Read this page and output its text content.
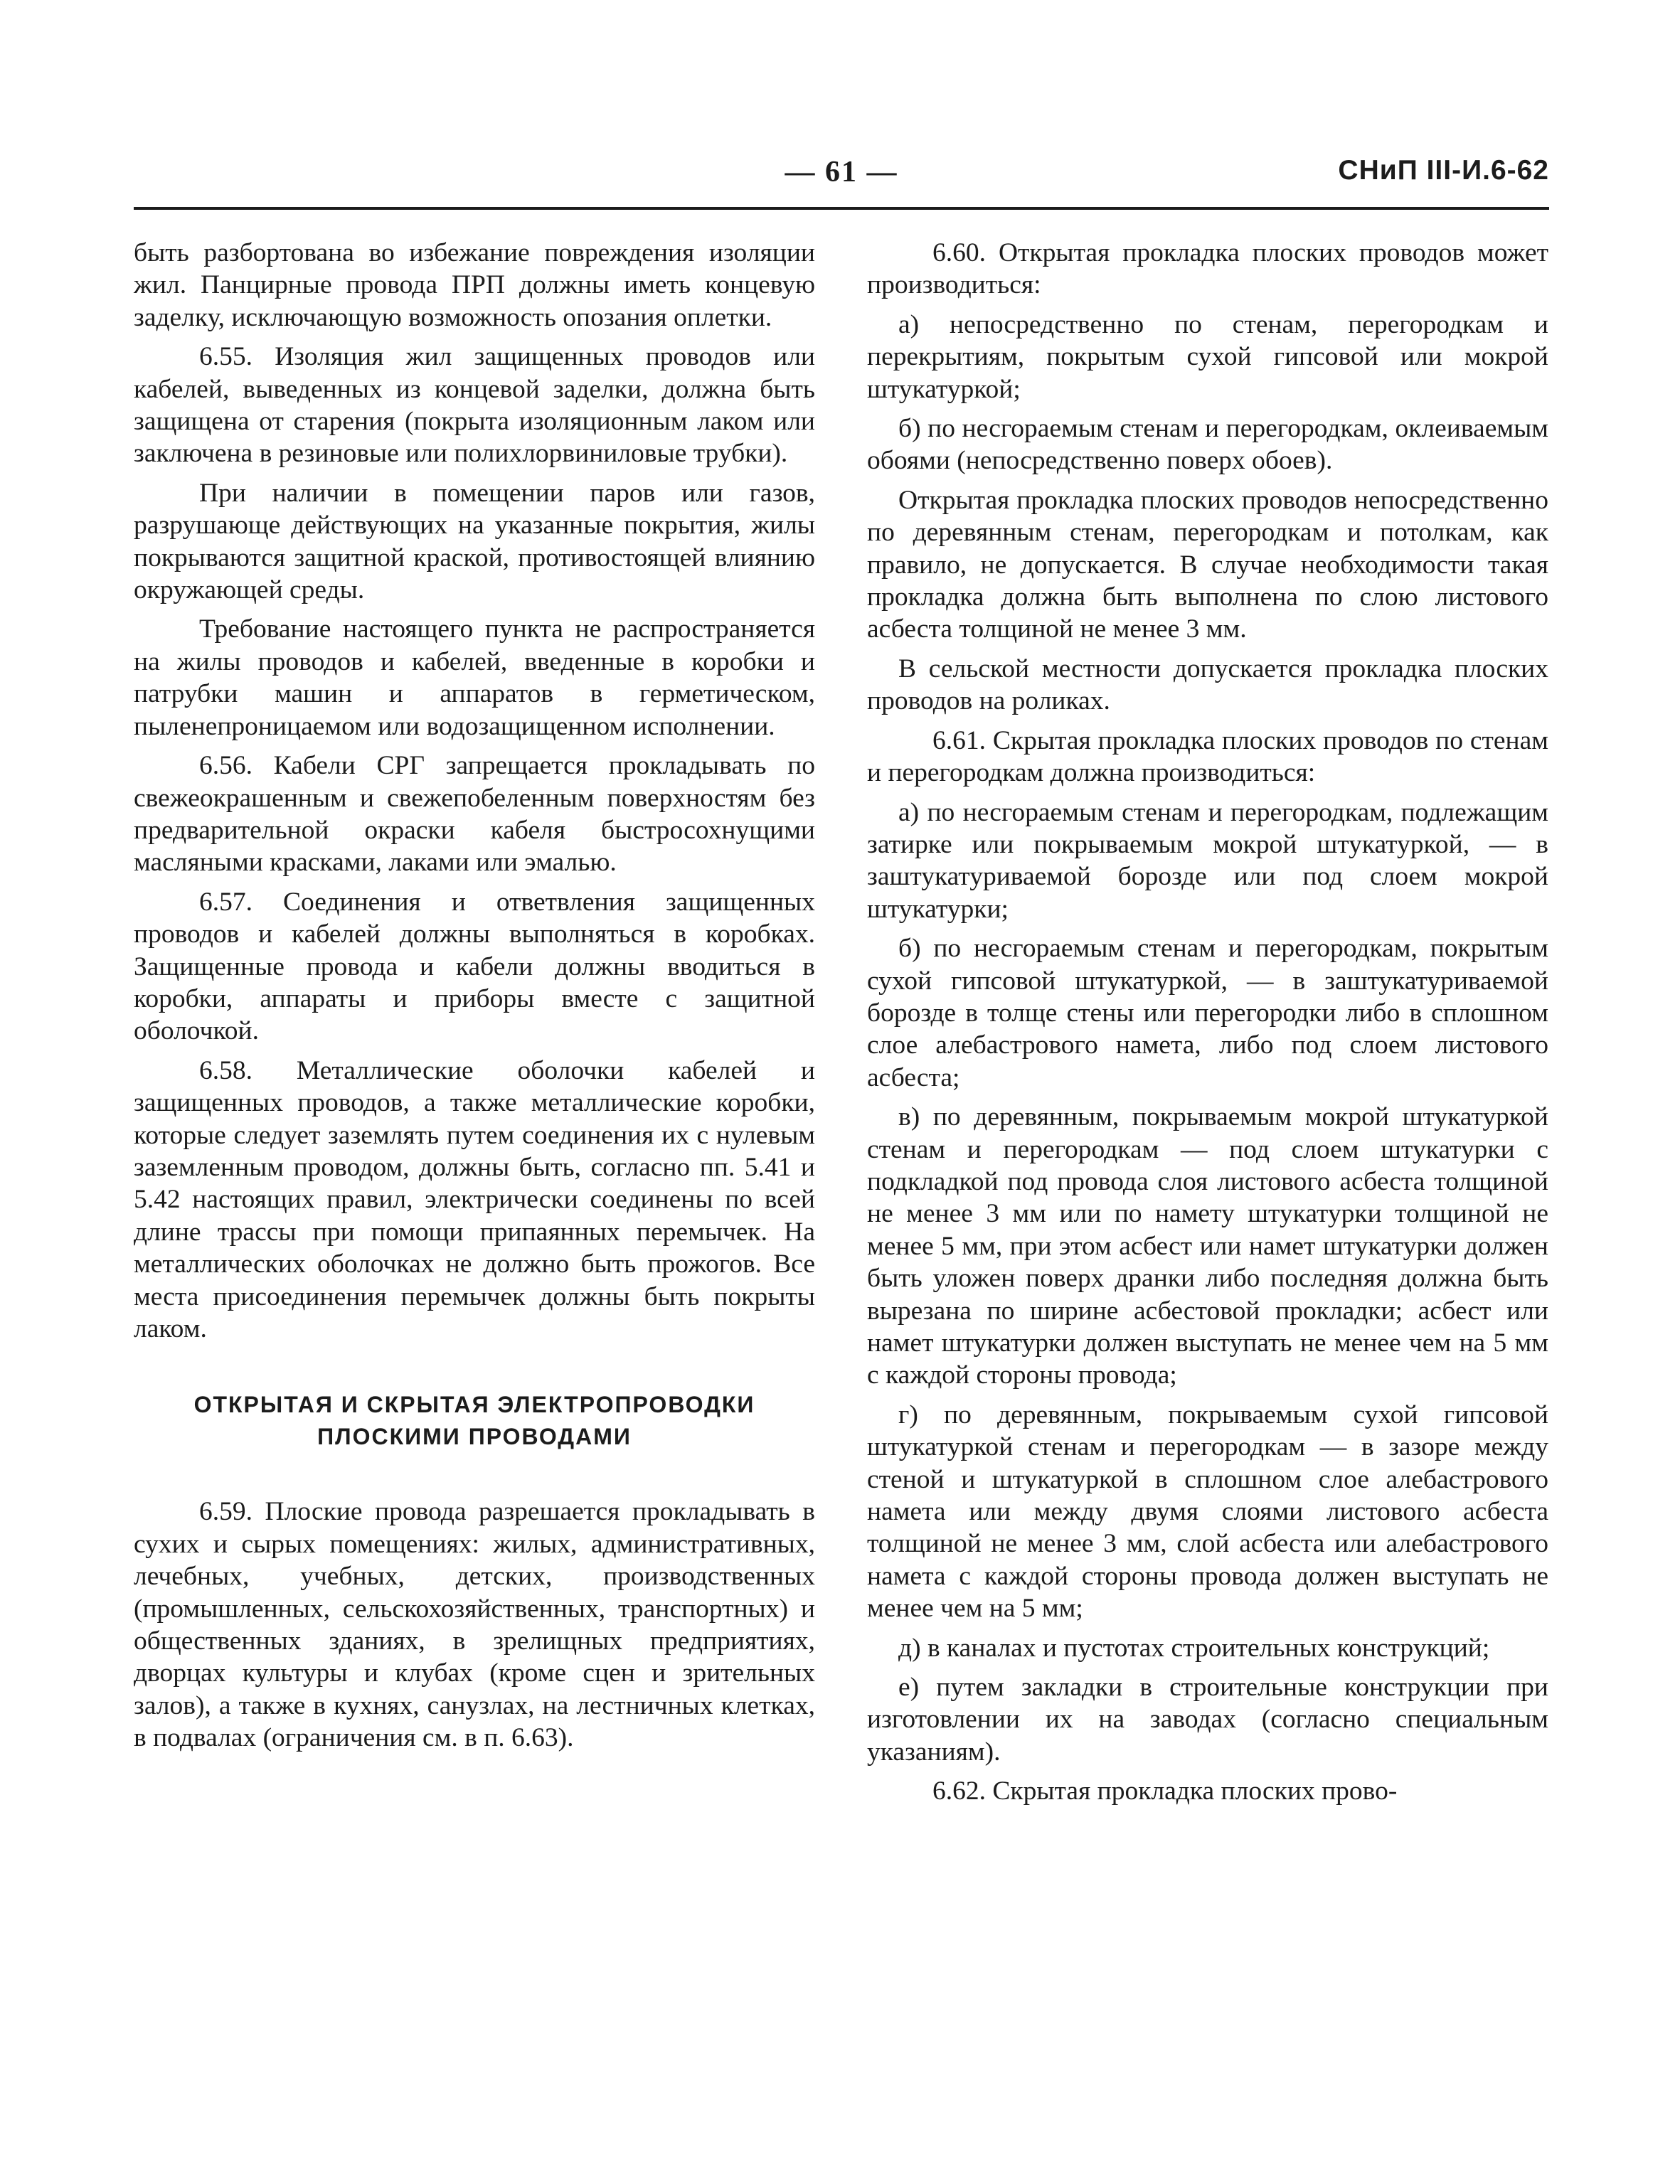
— 61 —	СНиП III-И.6-62

быть разбортована во избежание повреждения изоляции жил. Панцирные провода ПРП должны иметь концевую заделку, исключающую возможность опозания оплетки.

6.55. Изоляция жил защищенных проводов или кабелей, выведенных из концевой заделки, должна быть защищена от старения (покрыта изоляционным лаком или заключена в резиновые или полихлорвиниловые трубки).

При наличии в помещении паров или газов, разрушающе действующих на указанные покрытия, жилы покрываются защитной краской, противостоящей влиянию окружающей среды.

Требование настоящего пункта не распространяется на жилы проводов и кабелей, введенные в коробки и патрубки машин и аппаратов в герметическом, пыленепроницаемом или водозащищенном исполнении.

6.56. Кабели СРГ запрещается прокладывать по свежеокрашенным и свежепобеленным поверхностям без предварительной окраски кабеля быстросохнущими масляными красками, лаками или эмалью.

6.57. Соединения и ответвления защищенных проводов и кабелей должны выполняться в коробках. Защищенные провода и кабели должны вводиться в коробки, аппараты и приборы вместе с защитной оболочкой.

6.58. Металлические оболочки кабелей и защищенных проводов, а также металлические коробки, которые следует заземлять путем соединения их с нулевым заземленным проводом, должны быть, согласно пп. 5.41 и 5.42 настоящих правил, электрически соединены по всей длине трассы при помощи припаянных перемычек. На металлических оболочках не должно быть прожогов. Все места присоединения перемычек должны быть покрыты лаком.

ОТКРЫТАЯ И СКРЫТАЯ ЭЛЕКТРОПРОВОДКИ
ПЛОСКИМИ ПРОВОДАМИ

6.59. Плоские провода разрешается прокладывать в сухих и сырых помещениях: жилых, административных, лечебных, учебных, детских, производственных (промышленных, сельскохозяйственных, транспортных) и общественных зданиях, в зрелищных предприятиях, дворцах культуры и клубах (кроме сцен и зрительных залов), а также в кухнях, санузлах, на лестничных клетках, в подвалах (ограничения см. в п. 6.63).

6.60. Открытая прокладка плоских проводов может производиться:

а) непосредственно по стенам, перегородкам и перекрытиям, покрытым сухой гипсовой или мокрой штукатуркой;

б) по несгораемым стенам и перегородкам, оклеиваемым обоями (непосредственно поверх обоев).

Открытая прокладка плоских проводов непосредственно по деревянным стенам, перегородкам и потолкам, как правило, не допускается. В случае необходимости такая прокладка должна быть выполнена по слою листового асбеста толщиной не менее 3 мм.

В сельской местности допускается прокладка плоских проводов на роликах.

6.61. Скрытая прокладка плоских проводов по стенам и перегородкам должна производиться:

а) по несгораемым стенам и перегородкам, подлежащим затирке или покрываемым мокрой штукатуркой, — в заштукатуриваемой борозде или под слоем мокрой штукатурки;

б) по несгораемым стенам и перегородкам, покрытым сухой гипсовой штукатуркой, — в заштукатуриваемой борозде в толще стены или перегородки либо в сплошном слое алебастрового намета, либо под слоем листового асбеста;

в) по деревянным, покрываемым мокрой штукатуркой стенам и перегородкам — под слоем штукатурки с подкладкой под провода слоя листового асбеста толщиной не менее 3 мм или по намету штукатурки толщиной не менее 5 мм, при этом асбест или намет штукатурки должен быть уложен поверх дранки либо последняя должна быть вырезана по ширине асбестовой прокладки; асбест или намет штукатурки должен выступать не менее чем на 5 мм с каждой стороны провода;

г) по деревянным, покрываемым сухой гипсовой штукатуркой стенам и перегородкам — в зазоре между стеной и штукатуркой в сплошном слое алебастрового намета или между двумя слоями листового асбеста толщиной не менее 3 мм, слой асбеста или алебастрового намета с каждой стороны провода должен выступать не менее чем на 5 мм;

д) в каналах и пустотах строительных конструкций;

е) путем закладки в строительные конструкции при изготовлении их на заводах (согласно специальным указаниям).

6.62. Скрытая прокладка плоских прово-
